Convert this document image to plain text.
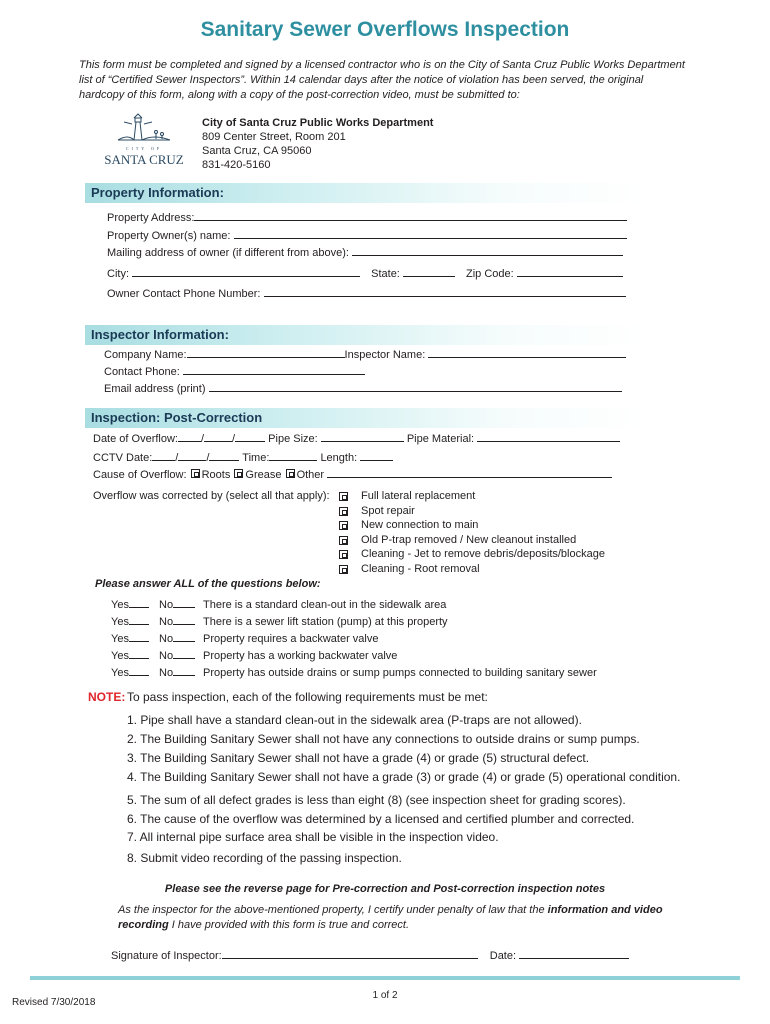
Sanitary Sewer Overflows Inspection
This form must be completed and signed by a licensed contractor who is on the City of Santa Cruz Public Works Department list of “Certified Sewer Inspectors”. Within 14 calendar days after the notice of violation has been served, the original hardcopy of this form, along with a copy of the post-correction video, must be submitted to:
CITY OF
SANTA CRUZ
City of Santa Cruz Public Works Department
809 Center Street, Room 201
Santa Cruz, CA 95060
831-420-5160
Property Information:
Property Address:
Property Owner(s) name:
Mailing address of owner (if different from above):
City:	State:	Zip Code:
Owner Contact Phone Number:
Inspector Information:
Company Name:	Inspector Name:
Contact Phone:
Email address (print)
Inspection: Post-Correction
Date of Overflow: /	/	Pipe Size:	Pipe Material:
CCTV Date: /	/	Time:	Length:
Cause of Overflow: Roots Grease Other
Overflow was corrected by (select all that apply):	Full lateral replacement
Spot repair
New connection to main
Old P-trap removed / New cleanout installed
Cleaning - Jet to remove debris/deposits/blockage
Cleaning - Root removal
Please answer ALL of the questions below:
Yes	No	There is a standard clean-out in the sidewalk area
Yes	No	There is a sewer lift station (pump) at this property
Yes	No	Property requires a backwater valve
Yes	No	Property has a working backwater valve
Yes	No	Property has outside drains or sump pumps connected to building sanitary sewer
NOTE: To pass inspection, each of the following requirements must be met:
1. Pipe shall have a standard clean-out in the sidewalk area (P-traps are not allowed).
2. The Building Sanitary Sewer shall not have any connections to outside drains or sump pumps.
3. The Building Sanitary Sewer shall not have a grade (4) or grade (5) structural defect.
4. The Building Sanitary Sewer shall not have a grade (3) or grade (4) or grade (5) operational condition.
5. The sum of all defect grades is less than eight (8) (see inspection sheet for grading scores).
6. The cause of the overflow was determined by a licensed and certified plumber and corrected.
7. All internal pipe surface area shall be visible in the inspection video.
8. Submit video recording of the passing inspection.
Please see the reverse page for Pre-correction and Post-correction inspection notes
As the inspector for the above-mentioned property, I certify under penalty of law that the information and video
recording I have provided with this form is true and correct.
Signature of Inspector:	Date:
1 of 2
Revised 7/30/2018
